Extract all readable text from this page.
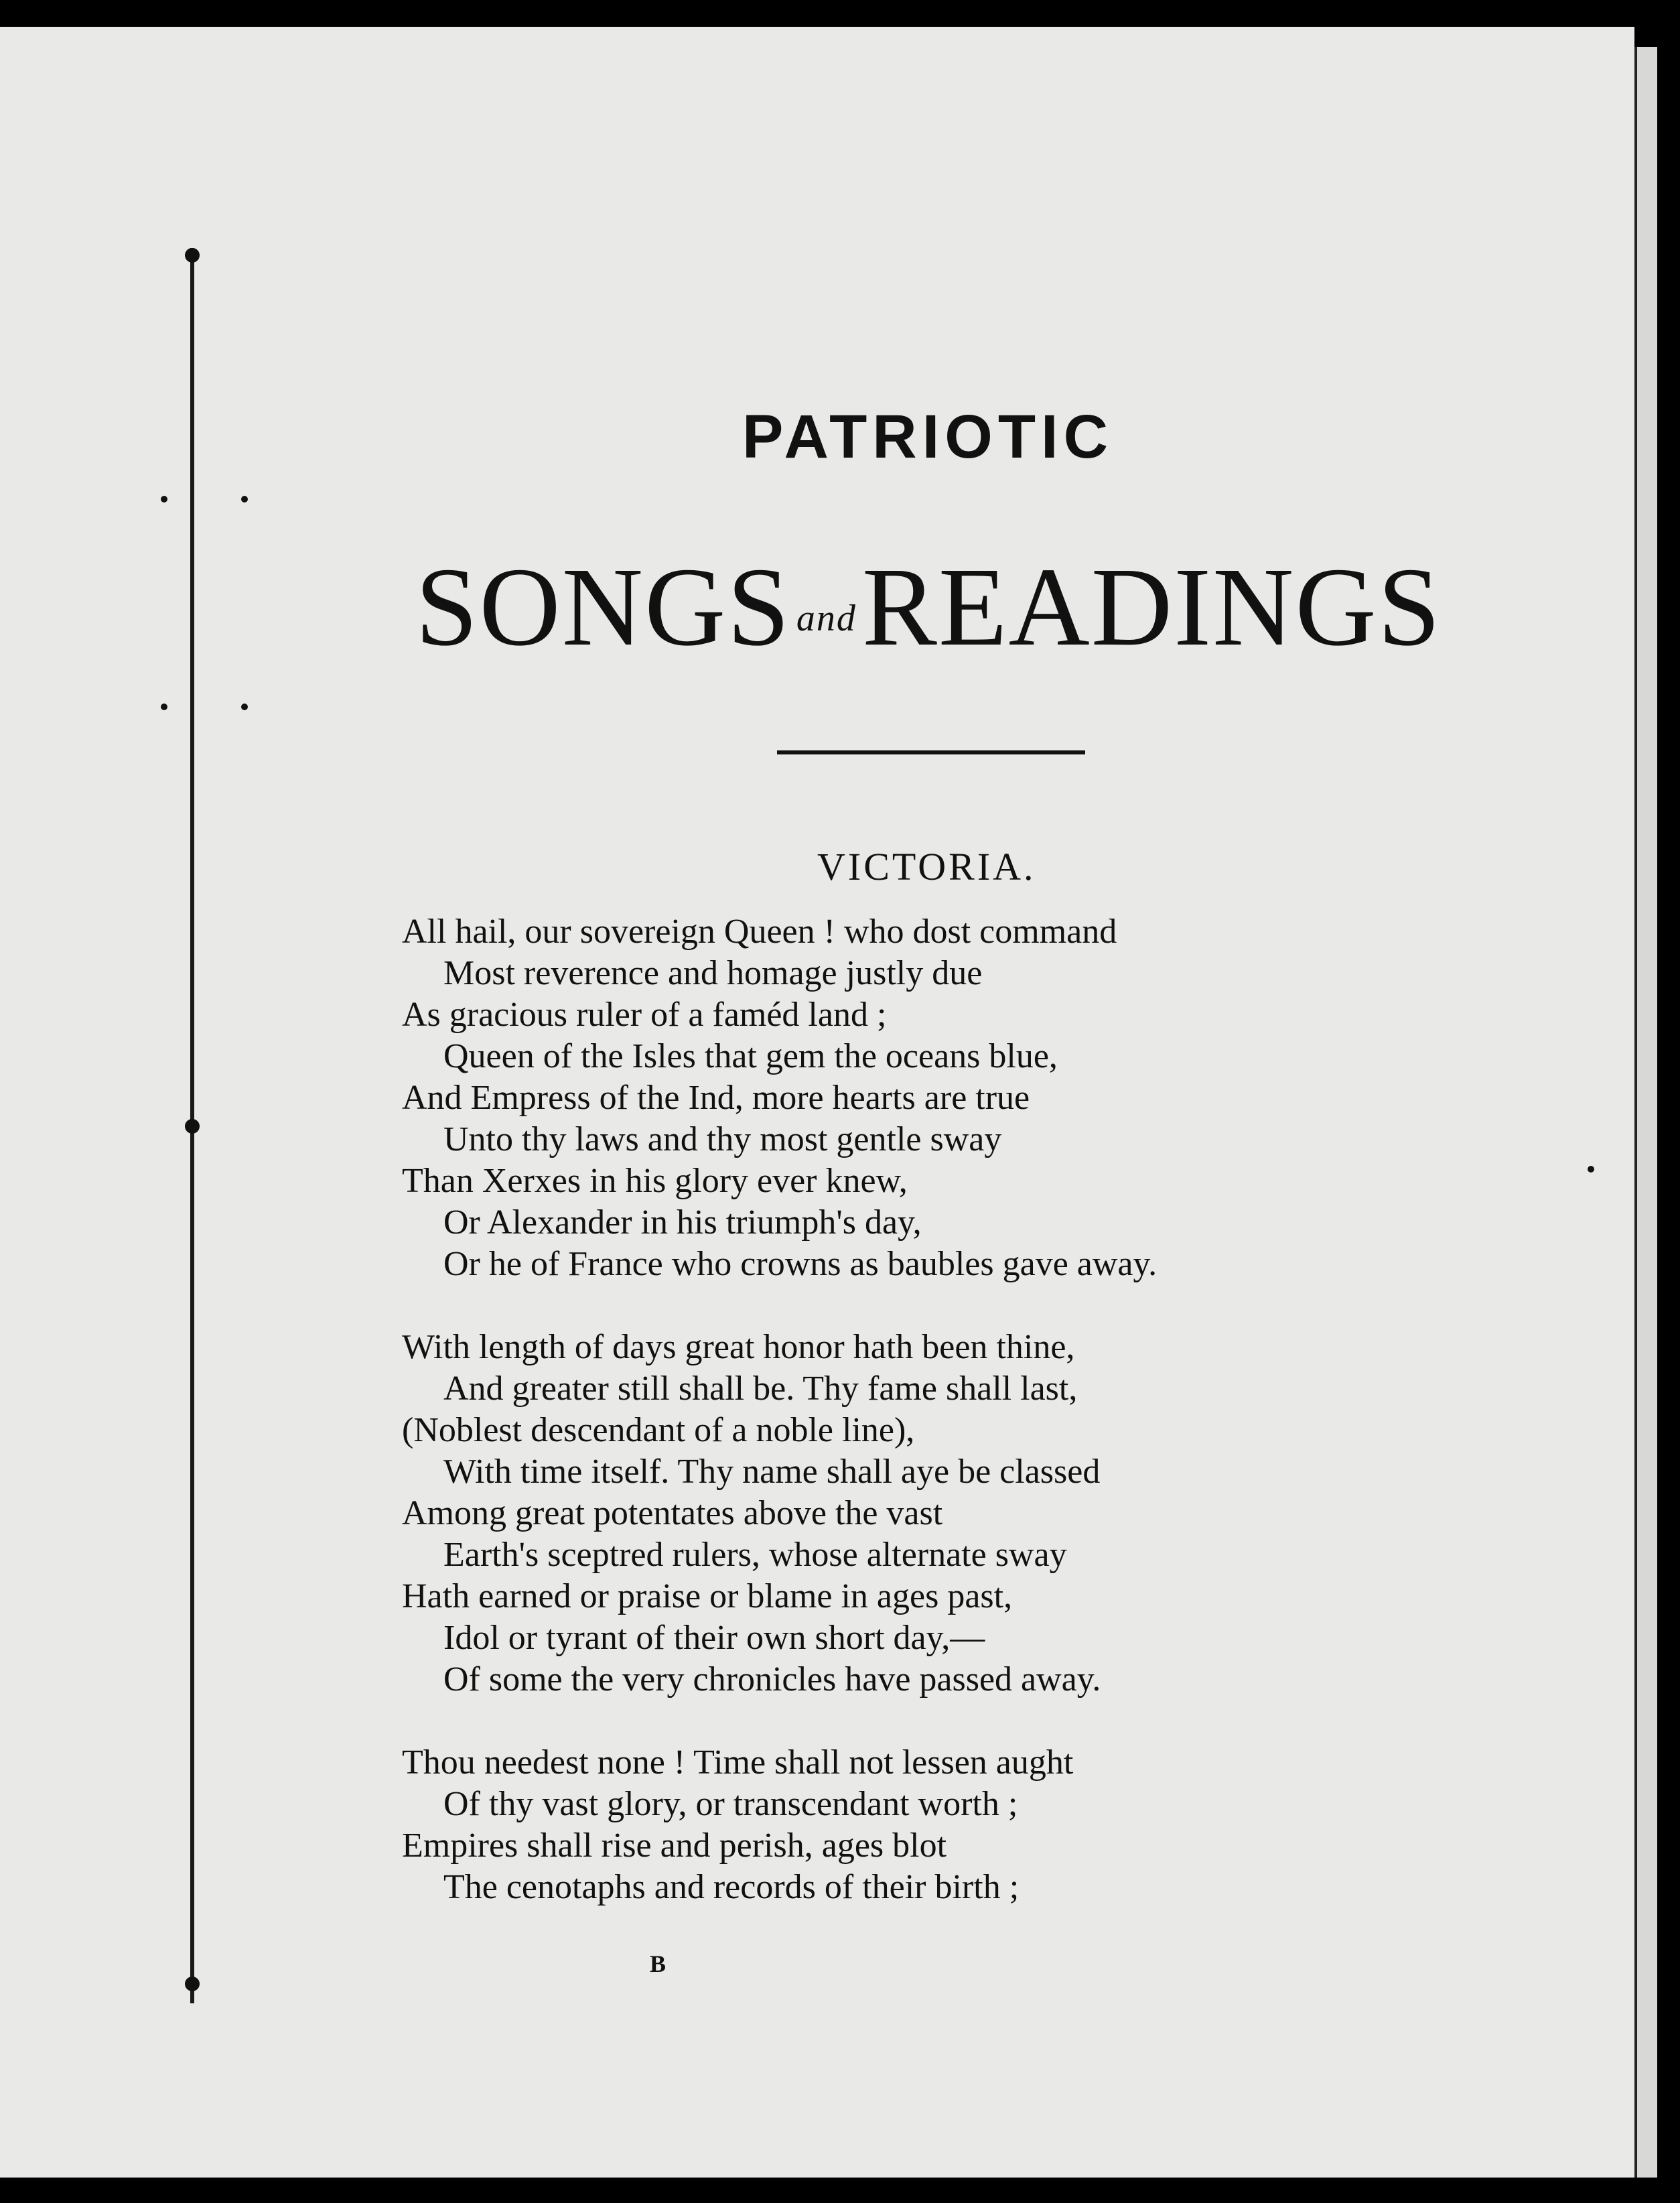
PATRIOTIC
SONGS andREADINGS
VICTORIA.
All hail, our sovereign Queen ! who dost command
Most reverence and homage justly due
As gracious ruler of a faméd land ;
Queen of the Isles that gem the oceans blue,
And Empress of the Ind, more hearts are true
Unto thy laws and thy most gentle sway
Than Xerxes in his glory ever knew,
Or Alexander in his triumph's day,
Or he of France who crowns as baubles gave away.
With length of days great honor hath been thine,
And greater still shall be. Thy fame shall last,
(Noblest descendant of a noble line),
With time itself. Thy name shall aye be classed
Among great potentates above the vast
Earth's sceptred rulers, whose alternate sway
Hath earned or praise or blame in ages past,
Idol or tyrant of their own short day,—
Of some the very chronicles have passed away.
Thou needest none ! Time shall not lessen aught
Of thy vast glory, or transcendant worth ;
Empires shall rise and perish, ages blot
The cenotaphs and records of their birth ;
B
